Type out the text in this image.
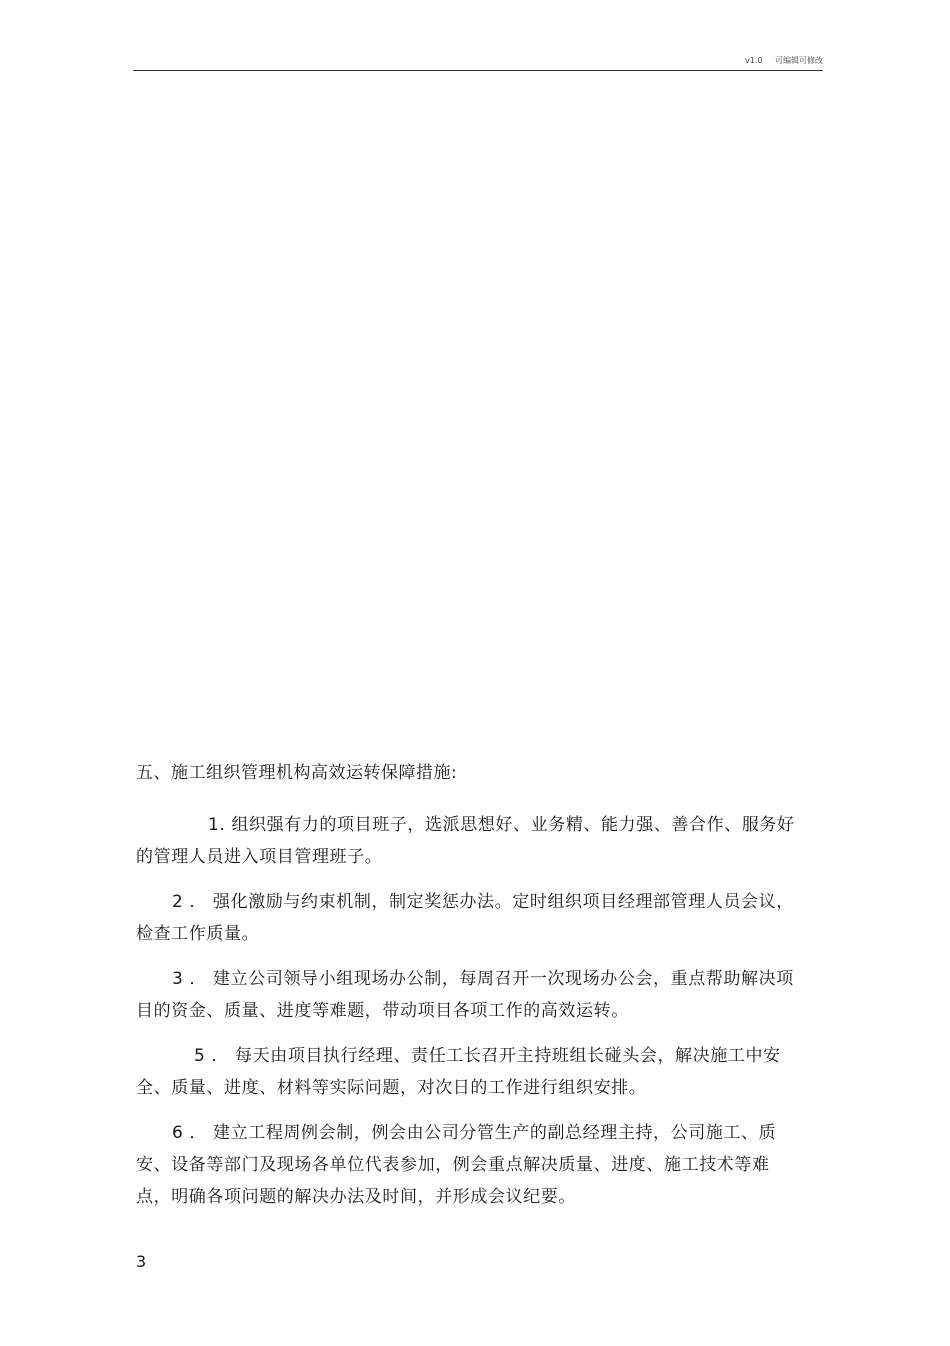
v1.0 可编辑可修改
五、施工组织管理机构高效运转保障措施:

1. 组织强有力的项目班子，选派思想好、业务精、能力强、善合作、服务好的管理人员进入项目管理班子。

2 ． 强化激励与约束机制，制定奖惩办法。定时组织项目经理部管理人员会议，检查工作质量。

3 ． 建立公司领导小组现场办公制，每周召开一次现场办公会，重点帮助解决项目的资金、质量、进度等难题，带动项目各项工作的高效运转。

5 ． 每天由项目执行经理、责任工长召开主持班组长碰头会，解决施工中安全、质量、进度、材料等实际问题，对次日的工作进行组织安排。

6 ． 建立工程周例会制，例会由公司分管生产的副总经理主持，公司施工、质安、设备等部门及现场各单位代表参加，例会重点解决质量、进度、施工技术等难点，明确各项问题的解决办法及时间，并形成会议纪要。

3
